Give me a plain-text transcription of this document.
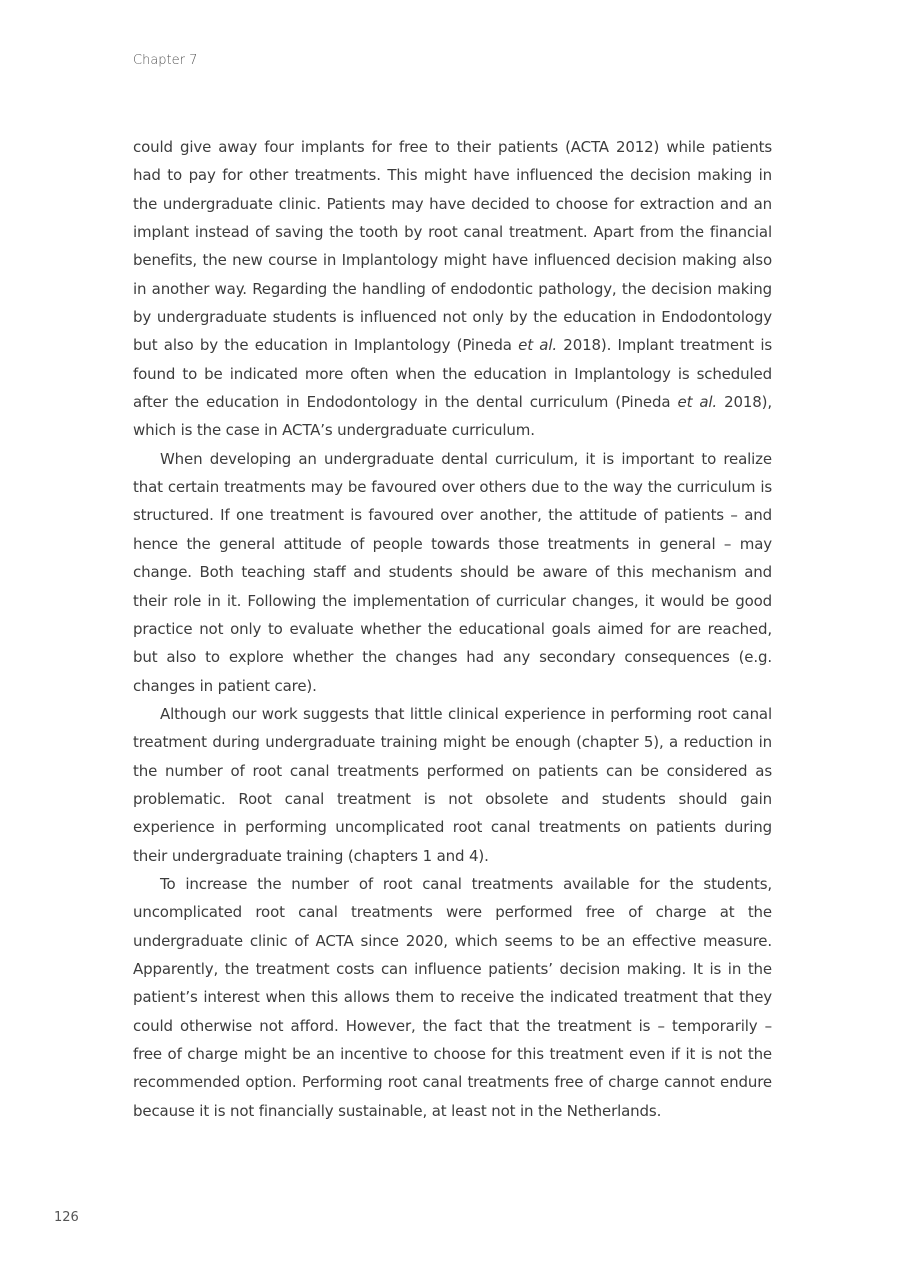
Chapter 7

could give away four implants for free to their patients (ACTA 2012) while patients had to pay for other treatments. This might have influenced the decision making in the undergraduate clinic. Patients may have decided to choose for extraction and an implant instead of saving the tooth by root canal treatment. Apart from the financial benefits, the new course in Implantology might have influenced decision making also in another way. Regarding the handling of endodontic pathology, the decision making by undergraduate students is influenced not only by the education in Endodontology but also by the education in Implantology (Pineda et al. 2018). Implant treatment is found to be indicated more often when the education in Implantology is scheduled after the education in Endodontology in the dental curriculum (Pineda et al. 2018), which is the case in ACTA’s undergraduate curriculum.

When developing an undergraduate dental curriculum, it is important to realize that certain treatments may be favoured over others due to the way the curriculum is structured. If one treatment is favoured over another, the attitude of patients – and hence the general attitude of people towards those treatments in general – may change. Both teaching staff and students should be aware of this mechanism and their role in it. Following the implementation of curricular changes, it would be good practice not only to evaluate whether the educational goals aimed for are reached, but also to explore whether the changes had any secondary consequences (e.g. changes in patient care).

Although our work suggests that little clinical experience in performing root canal treatment during undergraduate training might be enough (chapter 5), a reduction in the number of root canal treatments performed on patients can be considered as problematic. Root canal treatment is not obsolete and students should gain experience in performing uncomplicated root canal treatments on patients during their undergraduate training (chapters 1 and 4).

To increase the number of root canal treatments available for the students, uncomplicated root canal treatments were performed free of charge at the undergraduate clinic of ACTA since 2020, which seems to be an effective measure. Apparently, the treatment costs can influence patients’ decision making. It is in the patient’s interest when this allows them to receive the indicated treatment that they could otherwise not afford. However, the fact that the treatment is – temporarily – free of charge might be an incentive to choose for this treatment even if it is not the recommended option. Performing root canal treatments free of charge cannot endure because it is not financially sustainable, at least not in the Netherlands.

126
